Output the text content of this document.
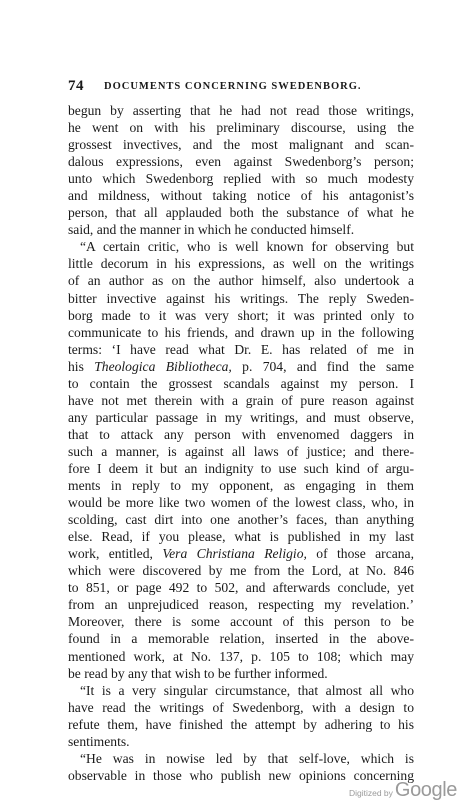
74 DOCUMENTS CONCERNING SWEDENBORG.
begun by asserting that he had not read those writings,
he went on with his preliminary discourse, using the
grossest invectives, and the most malignant and scan-
dalous expressions, even against Swedenborg’s person;
unto which Swedenborg replied with so much modesty
and mildness, without taking notice of his antagonist’s
person, that all applauded both the substance of what he
said, and the manner in which he conducted himself.
“A certain critic, who is well known for observing but
little decorum in his expressions, as well on the writings
of an author as on the author himself, also undertook a
bitter invective against his writings. The reply Sweden-
borg made to it was very short; it was printed only to
communicate to his friends, and drawn up in the following
terms: ‘I have read what Dr. E. has related of me in
his Theologica Bibliotheca, p. 704, and find the same
to contain the grossest scandals against my person. I
have not met therein with a grain of pure reason against
any particular passage in my writings, and must observe,
that to attack any person with envenomed daggers in
such a manner, is against all laws of justice; and there-
fore I deem it but an indignity to use such kind of argu-
ments in reply to my opponent, as engaging in them
would be more like two women of the lowest class, who, in
scolding, cast dirt into one another’s faces, than anything
else. Read, if you please, what is published in my last
work, entitled, Vera Christiana Religio, of those arcana,
which were discovered by me from the Lord, at No. 846
to 851, or page 492 to 502, and afterwards conclude, yet
from an unprejudiced reason, respecting my revelation.’
Moreover, there is some account of this person to be
found in a memorable relation, inserted in the above-
mentioned work, at No. 137, p. 105 to 108; which may
be read by any that wish to be further informed.
“It is a very singular circumstance, that almost all who
have read the writings of Swedenborg, with a design to
refute them, have finished the attempt by adhering to his
sentiments.
“He was in nowise led by that self-love, which is
observable in those who publish new opinions concerning
Digitized by Google
